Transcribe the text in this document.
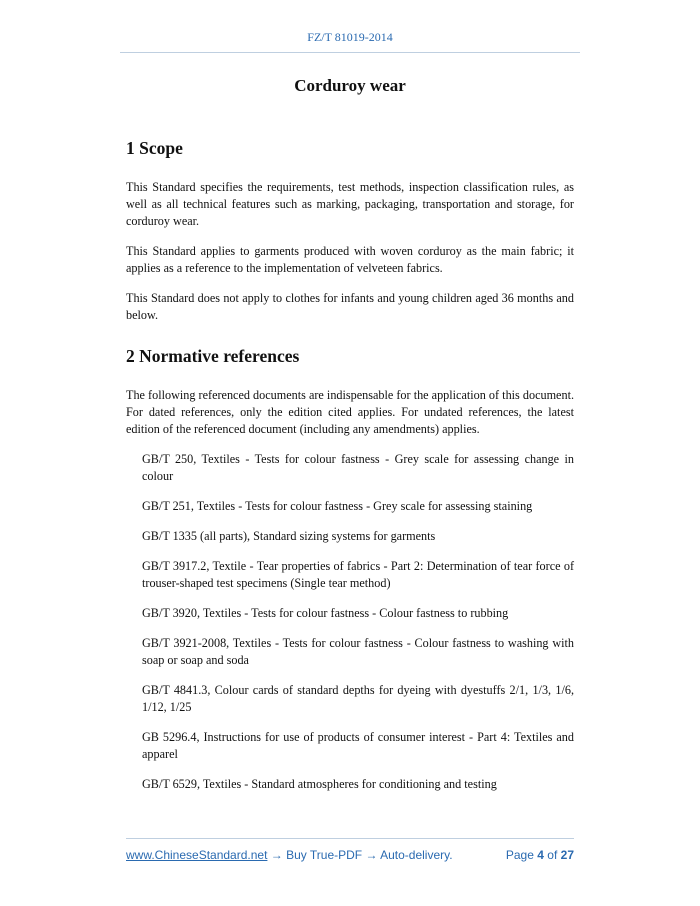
FZ/T 81019-2014
Corduroy wear
1 Scope

This Standard specifies the requirements, test methods, inspection classification rules, as well as all technical features such as marking, packaging, transportation and storage, for corduroy wear.

This Standard applies to garments produced with woven corduroy as the main fabric; it applies as a reference to the implementation of velveteen fabrics.

This Standard does not apply to clothes for infants and young children aged 36 months and below.

2 Normative references

The following referenced documents are indispensable for the application of this document. For dated references, only the edition cited applies. For undated references, the latest edition of the referenced document (including any amendments) applies.

GB/T 250, Textiles - Tests for colour fastness - Grey scale for assessing change in colour

GB/T 251, Textiles - Tests for colour fastness - Grey scale for assessing staining

GB/T 1335 (all parts), Standard sizing systems for garments

GB/T 3917.2, Textile - Tear properties of fabrics - Part 2: Determination of tear force of trouser-shaped test specimens (Single tear method)

GB/T 3920, Textiles - Tests for colour fastness - Colour fastness to rubbing

GB/T 3921-2008, Textiles - Tests for colour fastness - Colour fastness to washing with soap or soap and soda

GB/T 4841.3, Colour cards of standard depths for dyeing with dyestuffs 2/1, 1/3, 1/6, 1/12, 1/25

GB 5296.4, Instructions for use of products of consumer interest - Part 4: Textiles and apparel

GB/T 6529, Textiles - Standard atmospheres for conditioning and testing

www.ChineseStandard.net → Buy True-PDF → Auto-delivery.	Page 4 of 27
